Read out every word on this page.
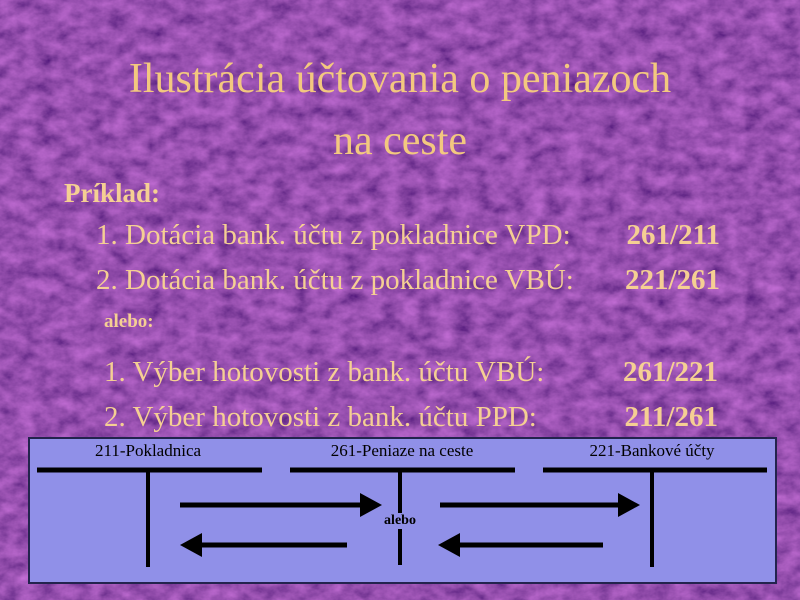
Ilustrácia účtovania o peniazoch
na ceste
Príklad:
1. Dotácia bank. účtu z pokladnice VPD: 261/211
2. Dotácia bank. účtu z pokladnice VBÚ: 221/261
alebo:
1. Výber hotovosti z bank. účtu VBÚ:	261/221
2. Výber hotovosti z bank. účtu PPD:	211/261
211-Pokladnica	261-Peniaze na ceste	221-Bankové účty
alebo
